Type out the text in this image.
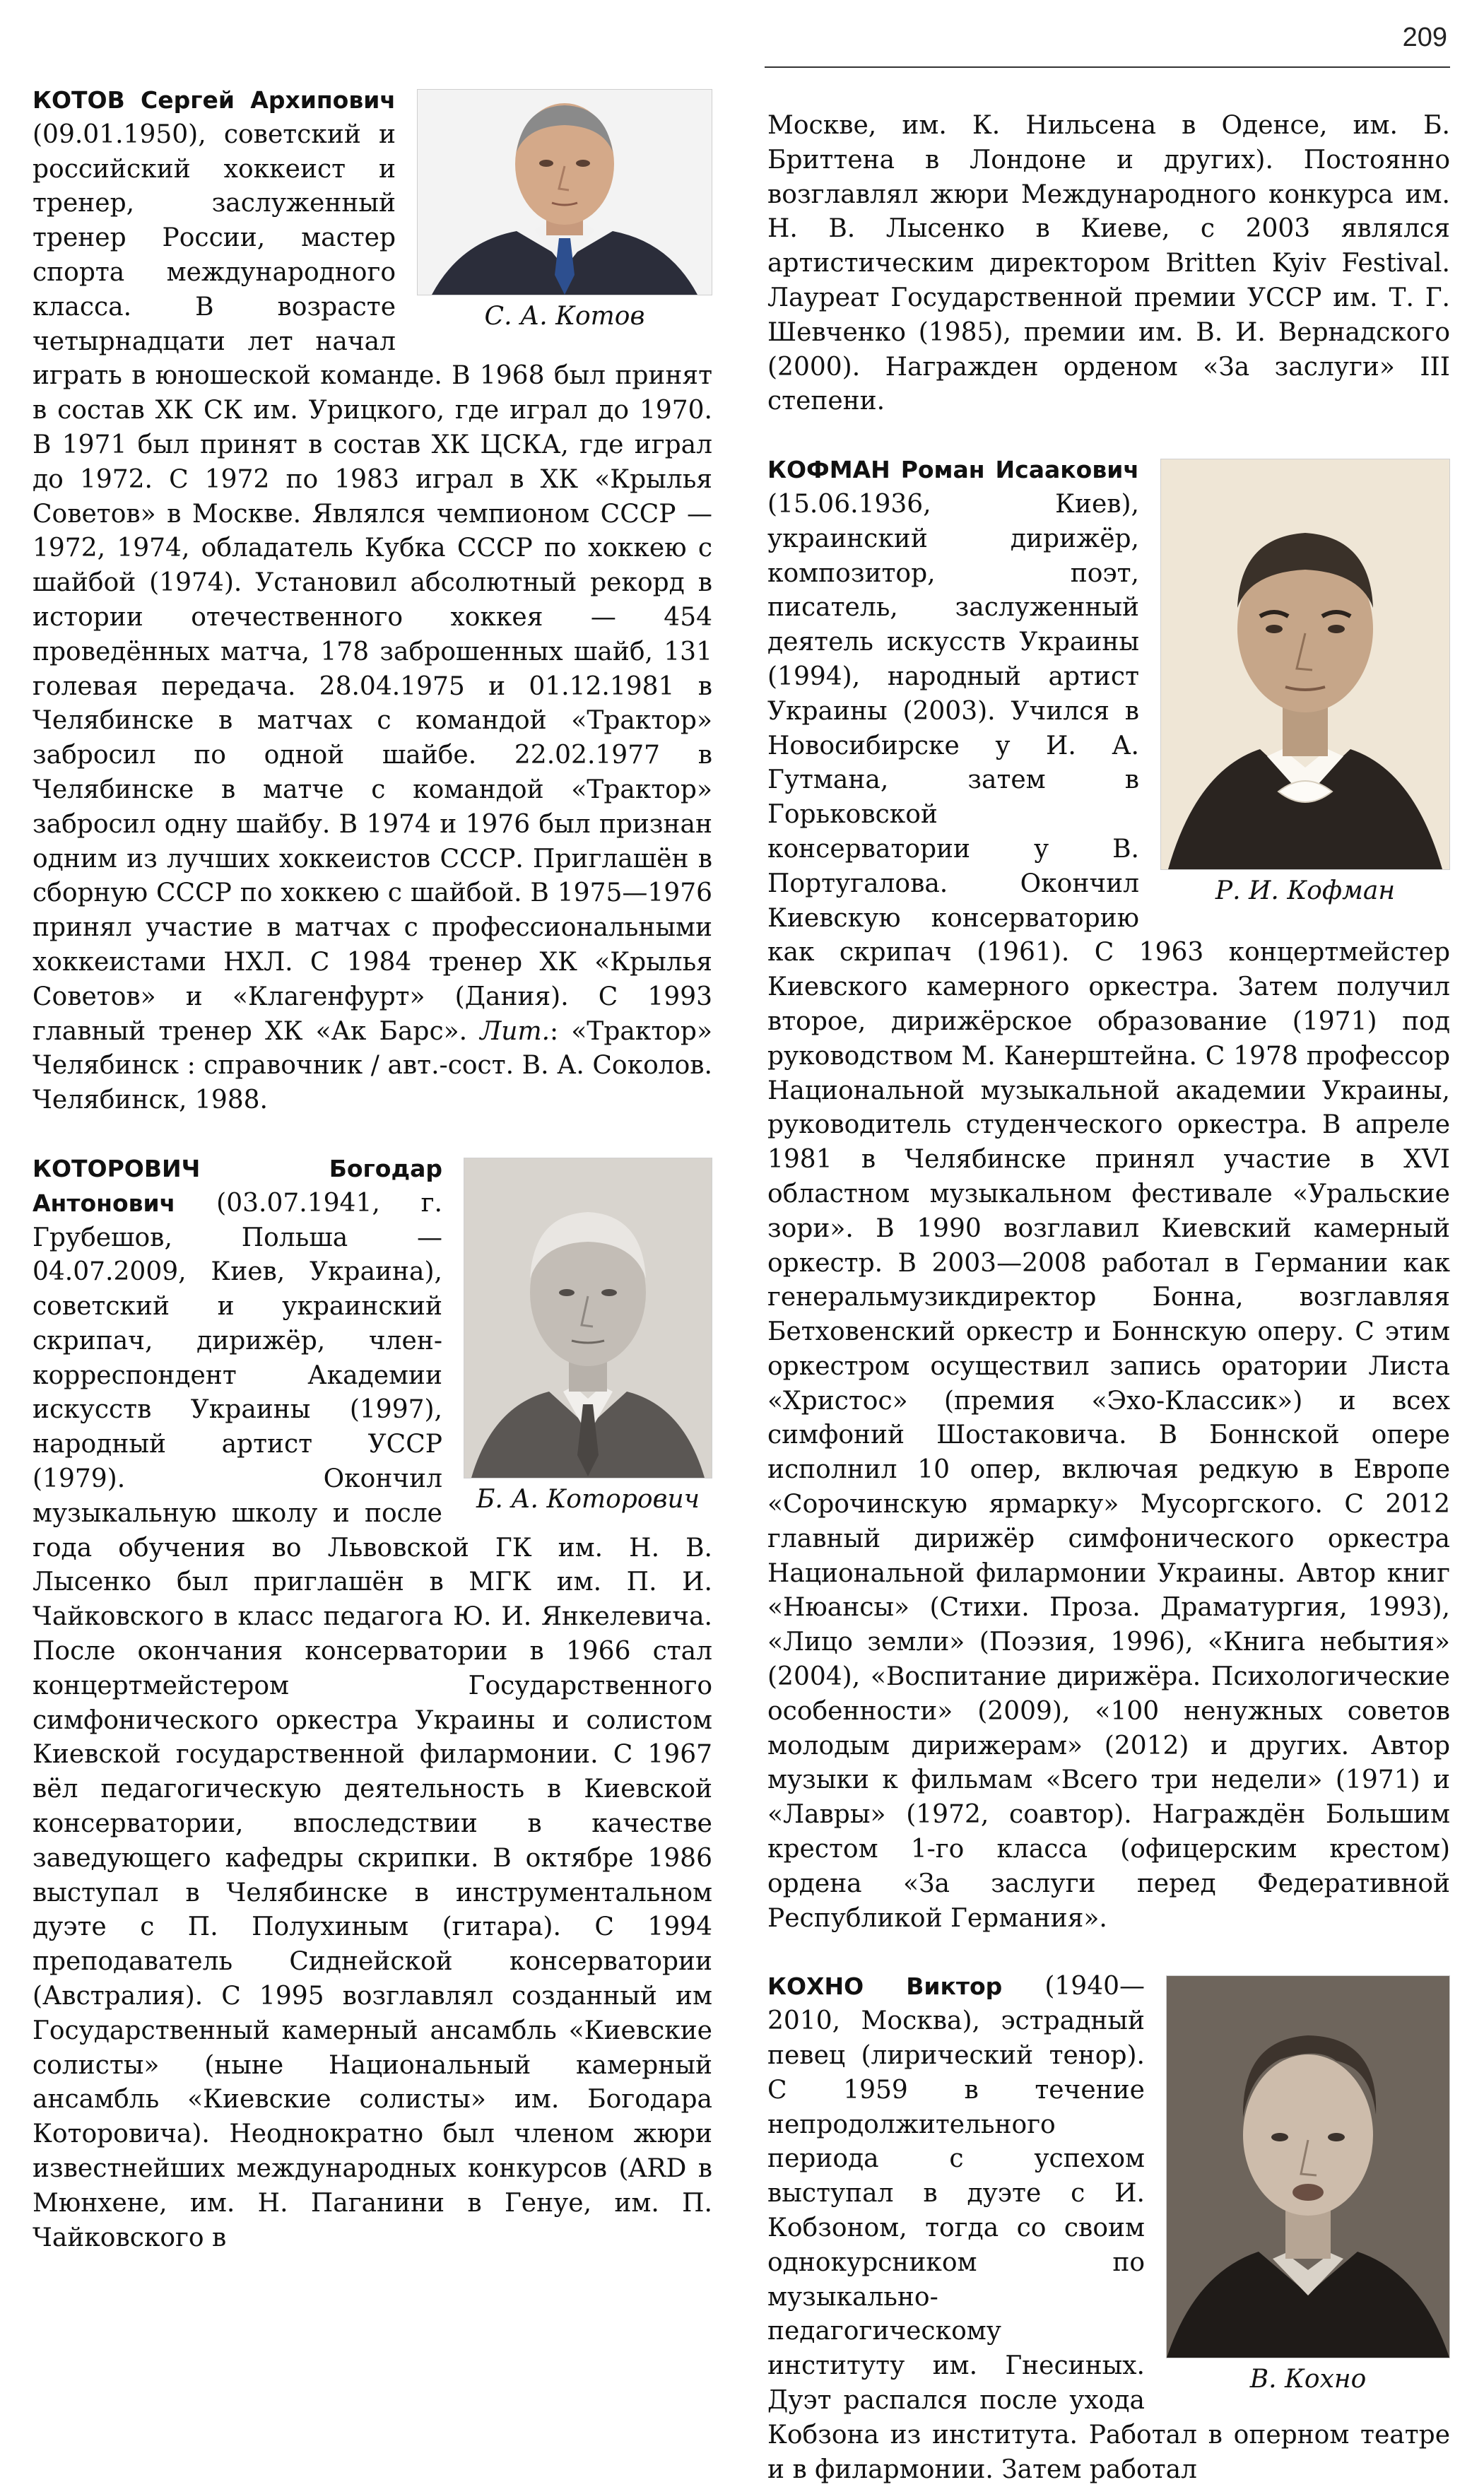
209
С. А. Котов

КОТОВ Сергей Архипович (09.01.1950), советский и российский хоккеист и тренер, заслуженный тренер России, мастер спорта международного класса. В возрасте четырнадцати лет начал играть в юношеской команде. В 1968 был принят в состав ХК СК им. Урицкого, где играл до 1970. В 1971 был принят в состав ХК ЦСКА, где играл до 1972. С 1972 по 1983 играл в ХК «Крылья Советов» в Москве. Являлся чемпионом СССР — 1972, 1974, обладатель Кубка СССР по хоккею с шайбой (1974). Установил абсолютный рекорд в истории отечественного хоккея — 454 проведённых матча, 178 заброшенных шайб, 131 голевая передача. 28.04.1975 и 01.12.1981 в Челябинске в матчах с командой «Трактор» забросил по одной шайбе. 22.02.1977 в Челябинске в матче с командой «Трактор» забросил одну шайбу. В 1974 и 1976 был признан одним из лучших хоккеистов СССР. Приглашён в сборную СССР по хоккею с шайбой. В 1975—1976 принял участие в матчах с профессиональными хоккеистами НХЛ. С 1984 тренер ХК «Крылья Советов» и «Клагенфурт» (Дания). С 1993 главный тренер ХК «Ак Барс». Лит.: «Трактор» Челябинск : справочник / авт.-сост. В. А. Соколов. Челябинск, 1988.

Б. А. Которович

КОТОРОВИЧ Богодар Антонович (03.07.1941, г. Грубешов, Польша — 04.07.2009, Киев, Украина), советский и украинский скрипач, дирижёр, член-корреспондент Академии искусств Украины (1997), народный артист УССР (1979). Окончил музыкальную школу и после года обучения во Львовской ГК им. Н. В. Лысенко был приглашён в МГК им. П. И. Чайковского в класс педагога Ю. И. Янкелевича. После окончания консерватории в 1966 стал концертмейстером Государственного симфонического оркестра Украины и солистом Киевской государственной филармонии. С 1967 вёл педагогическую деятельность в Киевской консерватории, впоследствии в качестве заведующего кафедры скрипки. В октябре 1986 выступал в Челябинске в инструментальном дуэте с П. Полухиным (гитара). С 1994 преподаватель Сиднейской консерватории (Австралия). С 1995 возглавлял созданный им Государственный камерный ансамбль «Киевские солисты» (ныне Национальный камерный ансамбль «Киевские солисты» им. Богодара Которовича). Неоднократно был членом жюри известнейших международных конкурсов (ARD в Мюнхене, им. Н. Паганини в Генуе, им. П. Чайковского в

Москве, им. К. Нильсена в Оденсе, им. Б. Бриттена в Лондоне и других). Постоянно возглавлял жюри Международного конкурса им. Н. В. Лысенко в Киеве, с 2003 являлся артистическим директором Britten Kyiv Festival. Лауреат Государственной премии УССР им. Т. Г. Шевченко (1985), премии им. В. И. Вернадского (2000). Награжден орденом «За заслуги» III степени.

Р. И. Кофман

КОФМАН Роман Исаакович (15.06.1936, Киев), украинский дирижёр, композитор, поэт, писатель, заслуженный деятель искусств Украины (1994), народный артист Украины (2003). Учился в Новосибирске у И. А. Гутмана, затем в Горьковской консерватории у В. Португалова. Окончил Киевскую консерваторию как скрипач (1961). С 1963 концертмейстер Киевского камерного оркестра. Затем получил второе, дирижёрское образование (1971) под руководством М. Канерштейна. С 1978 профессор Национальной музыкальной академии Украины, руководитель студенческого оркестра. В апреле 1981 в Челябинске принял участие в XVI областном музыкальном фестивале «Уральские зори». В 1990 возглавил Киевский камерный оркестр. В 2003—2008 работал в Германии как генеральмузикдиректор Бонна, возглавляя Бетховенский оркестр и Боннскую оперу. С этим оркестром осуществил запись оратории Листа «Христос» (премия «Эхо-Классик») и всех симфоний Шостаковича. В Боннской опере исполнил 10 опер, включая редкую в Европе «Сорочинскую ярмарку» Мусоргского. С 2012 главный дирижёр симфонического оркестра Национальной филармонии Украины. Автор книг «Нюансы» (Стихи. Проза. Драматургия, 1993), «Лицо земли» (Поэзия, 1996), «Книга небытия» (2004), «Воспитание дирижёра. Психологические особенности» (2009), «100 ненужных советов молодым дирижерам» (2012) и других. Автор музыки к фильмам «Всего три недели» (1971) и «Лавры» (1972, соавтор). Награждён Большим крестом 1-го класса (офицерским крестом) ордена «За заслуги перед Федеративной Республикой Германия».

В. Кохно

КОХНО Виктор (1940—2010, Москва), эстрадный певец (лирический тенор). С 1959 в течение непродолжительного периода с успехом выступал в дуэте с И. Кобзоном, тогда со своим однокурсником по музыкально-педагогическому институту им. Гнесиных. Дуэт распался после ухода Кобзона из института. Работал в оперном театре и в филармонии. Затем работал
